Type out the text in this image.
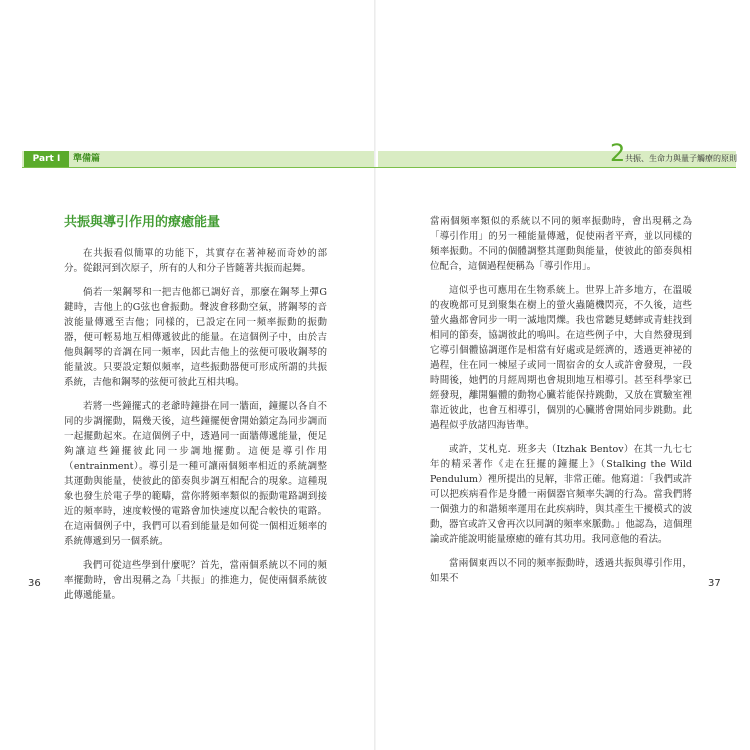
Part I	準備篇	2 共振、生命力與量子觸療的原則
共振與導引作用的療癒能量

在共振看似簡單的功能下，其實存在著神秘而奇妙的部分。從銀河到次原子，所有的人和分子皆隨著共振而起舞。

倘若一架鋼琴和一把吉他都已調好音，那麼在鋼琴上彈G鍵時，吉他上的G弦也會振動。聲波會移動空氣，將鋼琴的音波能量傳遞至吉他；同樣的，已設定在同一頻率振動的振動器，便可輕易地互相傳遞彼此的能量。在這個例子中，由於吉他與鋼琴的音調在同一頻率，因此吉他上的弦便可吸收鋼琴的能量波。只要設定類似頻率，這些振動器便可形成所謂的共振系統，吉他和鋼琴的弦便可彼此互相共鳴。

若將一些鐘擺式的老爺時鐘掛在同一牆面，鐘擺以各自不同的步調擺動，隔幾天後，這些鐘擺便會開始鎖定為同步調而一起擺動起來。在這個例子中，透過同一面牆傳遞能量，便足夠讓這些鐘擺彼此同一步調地擺動。這便是導引作用（entrainment）。導引是一種可讓兩個頻率相近的系統調整其運動與能量，使彼此的節奏與步調互相配合的現象。這種現象也發生於電子學的範疇，當你將頻率類似的振動電路調到接近的頻率時，速度較慢的電路會加快速度以配合較快的電路。在這兩個例子中，我們可以看到能量是如何從一個相近頻率的系統傳遞到另一個系統。

我們可從這些學到什麼呢？首先，當兩個系統以不同的頻率擺動時，會出現稱之為「共振」的推進力，促使兩個系統彼此傳遞能量。

當兩個頻率類似的系統以不同的頻率振動時，會出現稱之為「導引作用」的另一種能量傳遞，促使兩者平齊，並以同樣的頻率振動。不同的個體調整其運動與能量，使彼此的節奏與相位配合，這個過程便稱為「導引作用」。

這似乎也可應用在生物系統上。世界上許多地方，在溫暖的夜晚都可見到聚集在樹上的螢火蟲隨機閃亮，不久後，這些螢火蟲都會同步一明一滅地閃爍。我也常聽見蟋蟀或青蛙找到相同的節奏，協調彼此的鳴叫。在這些例子中，大自然發現到它導引個體協調運作是相當有好處或是經濟的，透過更神祕的過程，住在同一棟屋子或同一間宿舍的女人或許會發現，一段時間後，她們的月經周期也會規則地互相導引。甚至科學家已經發現，離開軀體的動物心臟若能保持跳動，又放在實驗室裡靠近彼此，也會互相導引，個別的心臟將會開始同步跳動。此過程似乎放諸四海皆準。

或許，艾札克．班多夫（Itzhak Bentov）在其一九七七年的精采著作《走在狂擺的鐘擺上》（Stalking the Wild Pendulum）裡所提出的見解，非常正確。他寫道：「我們或許可以把疾病看作是身體一兩個器官頻率失調的行為。當我們將一個強力的和諧頻率運用在此疾病時，與其產生干擾模式的波動，器官或許又會再次以同調的頻率來脈動。」他認為，這個理論或許能說明能量療癒的確有其功用。我同意他的看法。

當兩個東西以不同的頻率振動時，透過共振與導引作用，如果不

36	37
